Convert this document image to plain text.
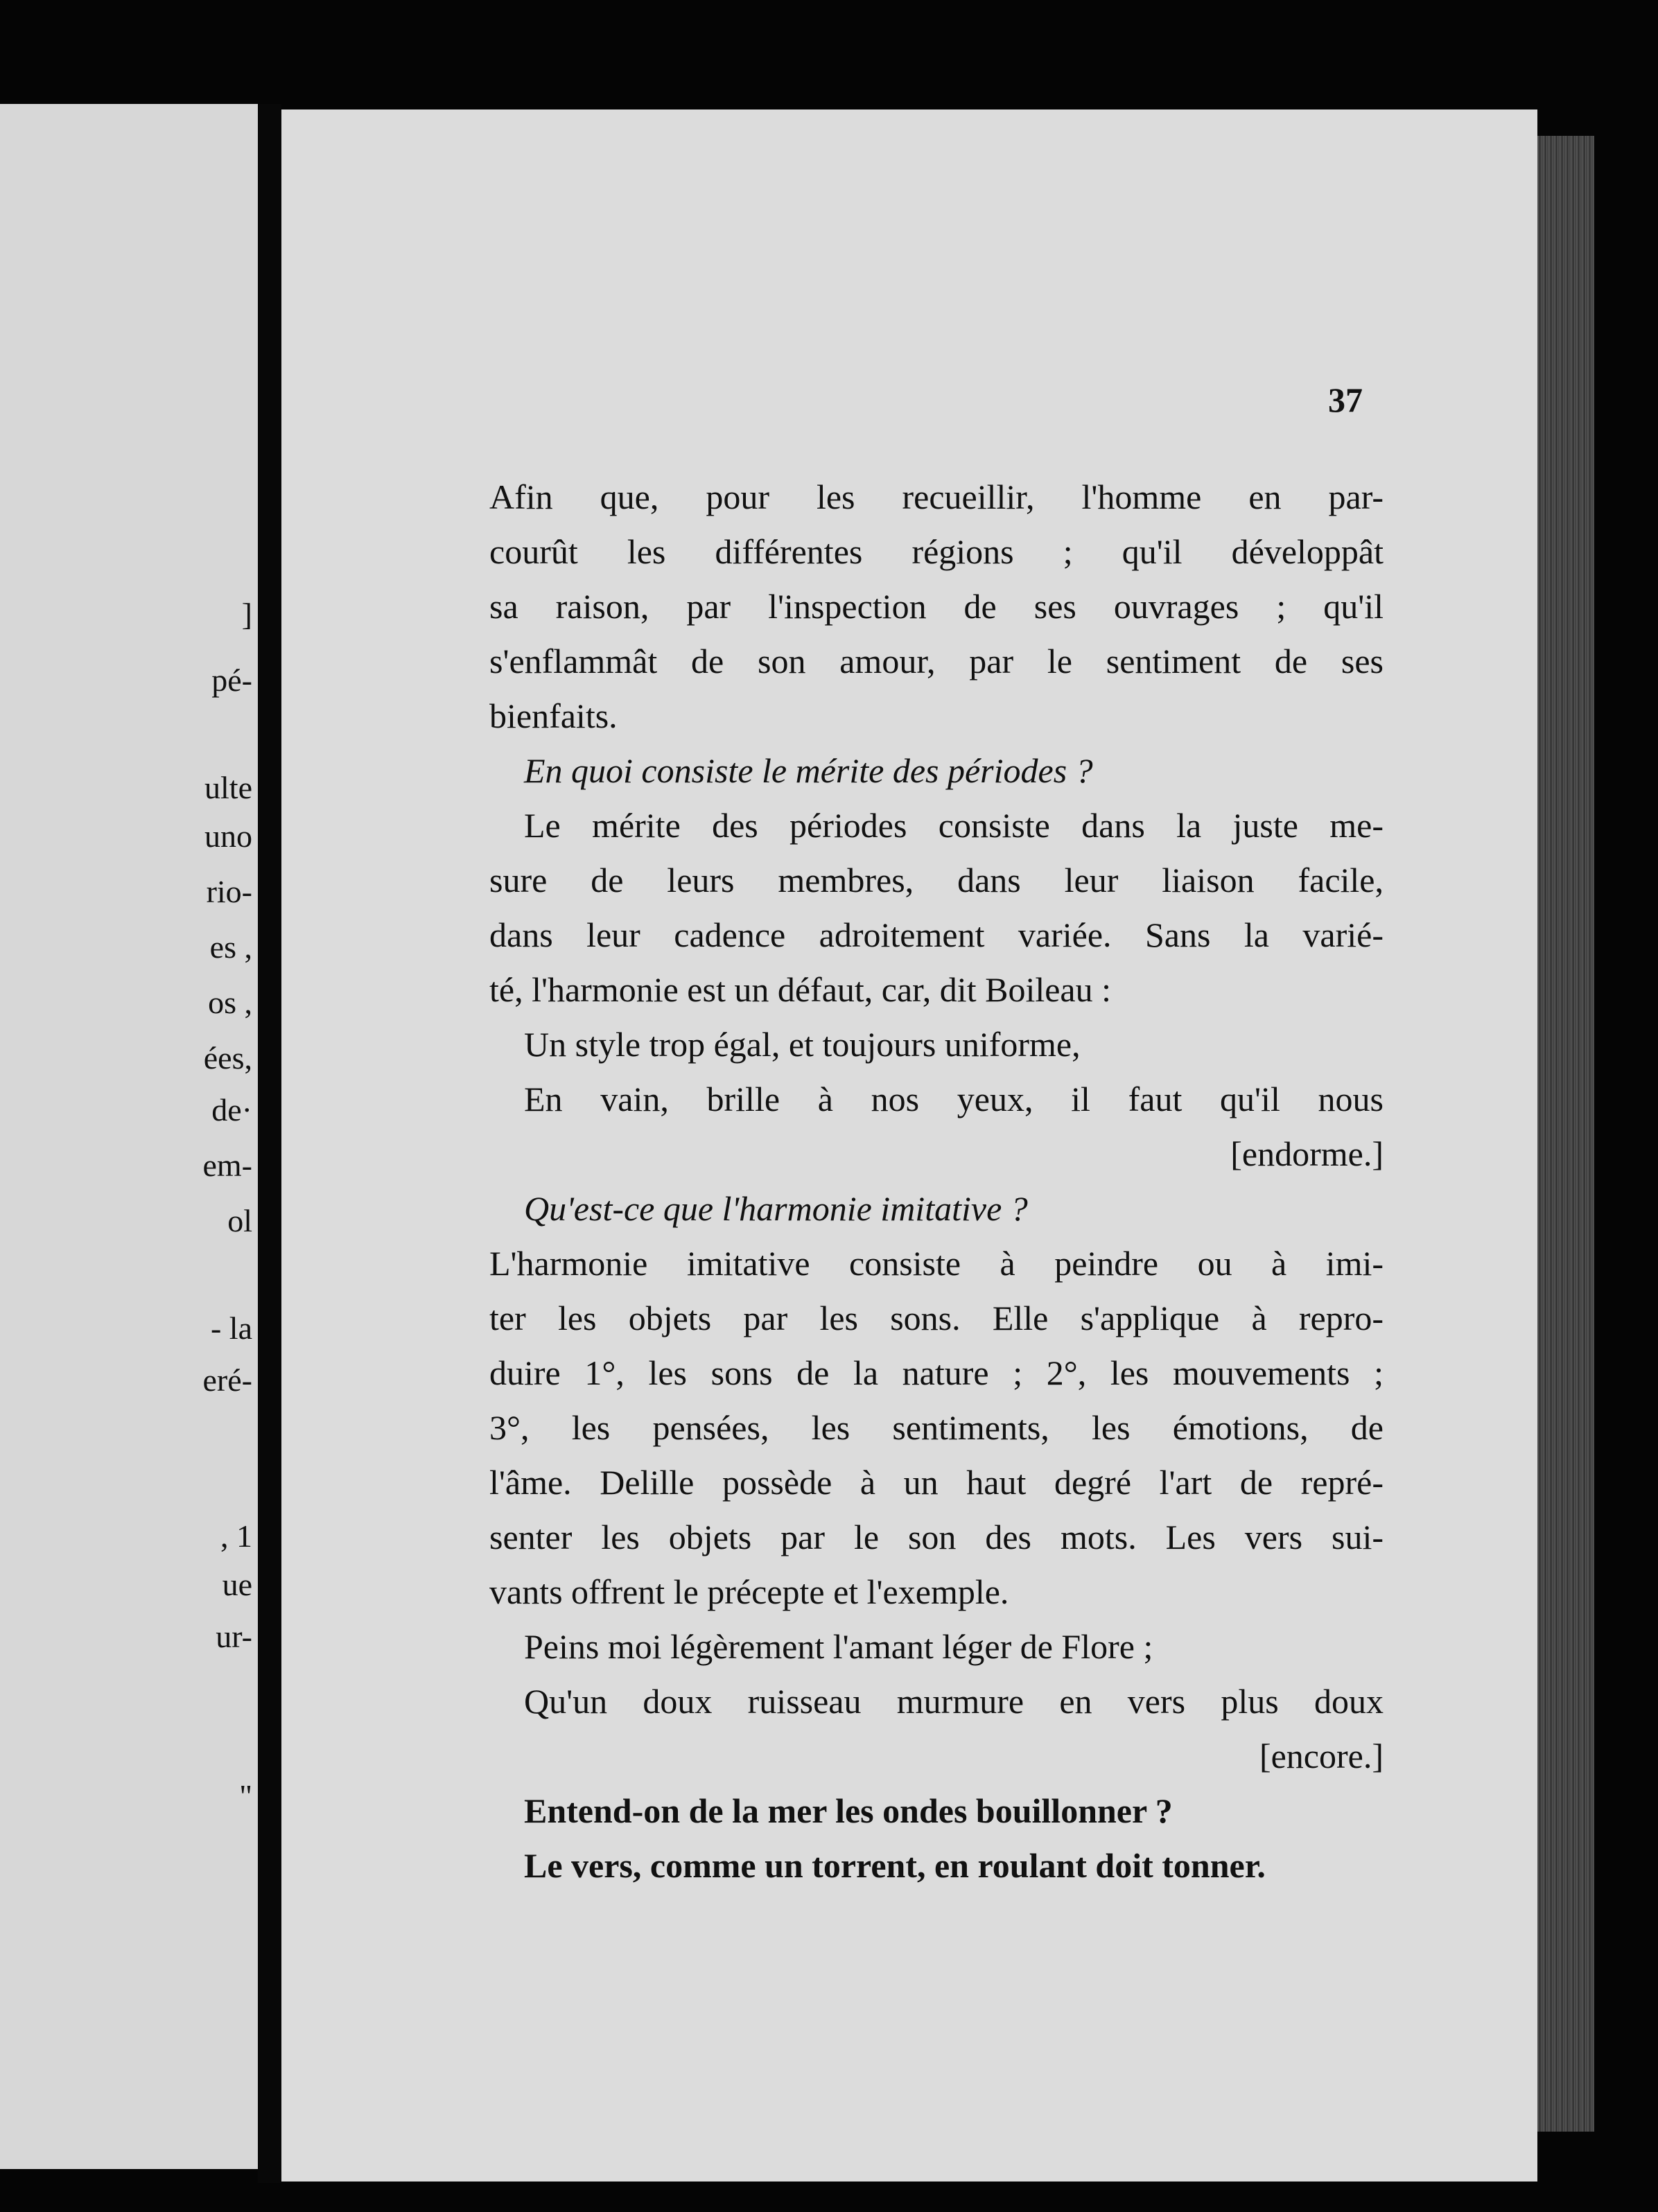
]

pé-

ulte

uno

rio-

es ,

os ,

ées,

de·

em-

ol

- la

eré-

, 1

ue

ur-

"

37

Afin que, pour les recueillir, l'homme en par-

courût les différentes régions ; qu'il développât

sa raison, par l'inspection de ses ouvrages ; qu'il

s'enflammât de son amour, par le sentiment de ses

bienfaits.

En quoi consiste le mérite des périodes ?

Le mérite des périodes consiste dans la juste me-

sure de leurs membres, dans leur liaison facile,

dans leur cadence adroitement variée. Sans la varié-

té, l'harmonie est un défaut, car, dit Boileau :

Un style trop égal, et toujours uniforme,

En vain, brille à nos yeux, il faut qu'il nous

[endorme.]

Qu'est-ce que l'harmonie imitative ?

L'harmonie imitative consiste à peindre ou à imi-

ter les objets par les sons. Elle s'applique à repro-

duire 1°, les sons de la nature ; 2°, les mouvements ;

3°, les pensées, les sentiments, les émotions, de

l'âme. Delille possède à un haut degré l'art de repré-

senter les objets par le son des mots. Les vers sui-

vants offrent le précepte et l'exemple.

Peins moi légèrement l'amant léger de Flore ;

Qu'un doux ruisseau murmure en vers plus doux

[encore.]

Entend-on de la mer les ondes bouillonner ?

Le vers, comme un torrent, en roulant doit tonner.
